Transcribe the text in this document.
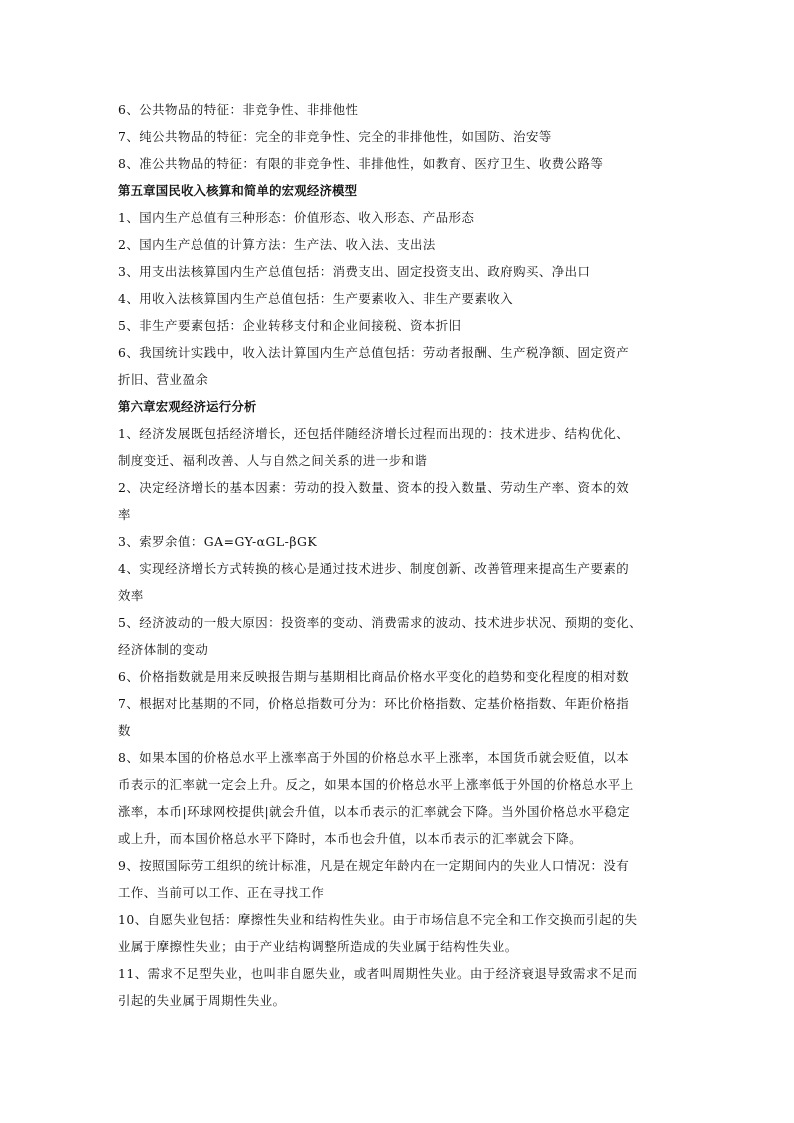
6、公共物品的特征：非竞争性、非排他性
7、纯公共物品的特征：完全的非竞争性、完全的非排他性，如国防、治安等
8、准公共物品的特征：有限的非竞争性、非排他性，如教育、医疗卫生、收费公路等
第五章国民收入核算和简单的宏观经济模型
1、国内生产总值有三种形态：价值形态、收入形态、产品形态
2、国内生产总值的计算方法：生产法、收入法、支出法
3、用支出法核算国内生产总值包括：消费支出、固定投资支出、政府购买、净出口
4、用收入法核算国内生产总值包括：生产要素收入、非生产要素收入
5、非生产要素包括：企业转移支付和企业间接税、资本折旧
6、我国统计实践中，收入法计算国内生产总值包括：劳动者报酬、生产税净额、固定资产
折旧、营业盈余
第六章宏观经济运行分析
1、经济发展既包括经济增长，还包括伴随经济增长过程而出现的：技术进步、结构优化、
制度变迁、福利改善、人与自然之间关系的进一步和谐
2、决定经济增长的基本因素：劳动的投入数量、资本的投入数量、劳动生产率、资本的效
率
3、索罗余值：GA=GY-αGL-βGK
4、实现经济增长方式转换的核心是通过技术进步、制度创新、改善管理来提高生产要素的
效率
5、经济波动的一般大原因：投资率的变动、消费需求的波动、技术进步状况、预期的变化、
经济体制的变动
6、价格指数就是用来反映报告期与基期相比商品价格水平变化的趋势和变化程度的相对数
7、根据对比基期的不同，价格总指数可分为：环比价格指数、定基价格指数、年距价格指
数
8、如果本国的价格总水平上涨率高于外国的价格总水平上涨率，本国货币就会贬值，以本
币表示的汇率就一定会上升。反之，如果本国的价格总水平上涨率低于外国的价格总水平上
涨率，本币|环球网校提供|就会升值，以本币表示的汇率就会下降。当外国价格总水平稳定
或上升，而本国价格总水平下降时，本币也会升值，以本币表示的汇率就会下降。
9、按照国际劳工组织的统计标准，凡是在规定年龄内在一定期间内的失业人口情况：没有
工作、当前可以工作、正在寻找工作
10、自愿失业包括：摩擦性失业和结构性失业。由于市场信息不完全和工作交换而引起的失
业属于摩擦性失业；由于产业结构调整所造成的失业属于结构性失业。
11、需求不足型失业，也叫非自愿失业，或者叫周期性失业。由于经济衰退导致需求不足而
引起的失业属于周期性失业。
